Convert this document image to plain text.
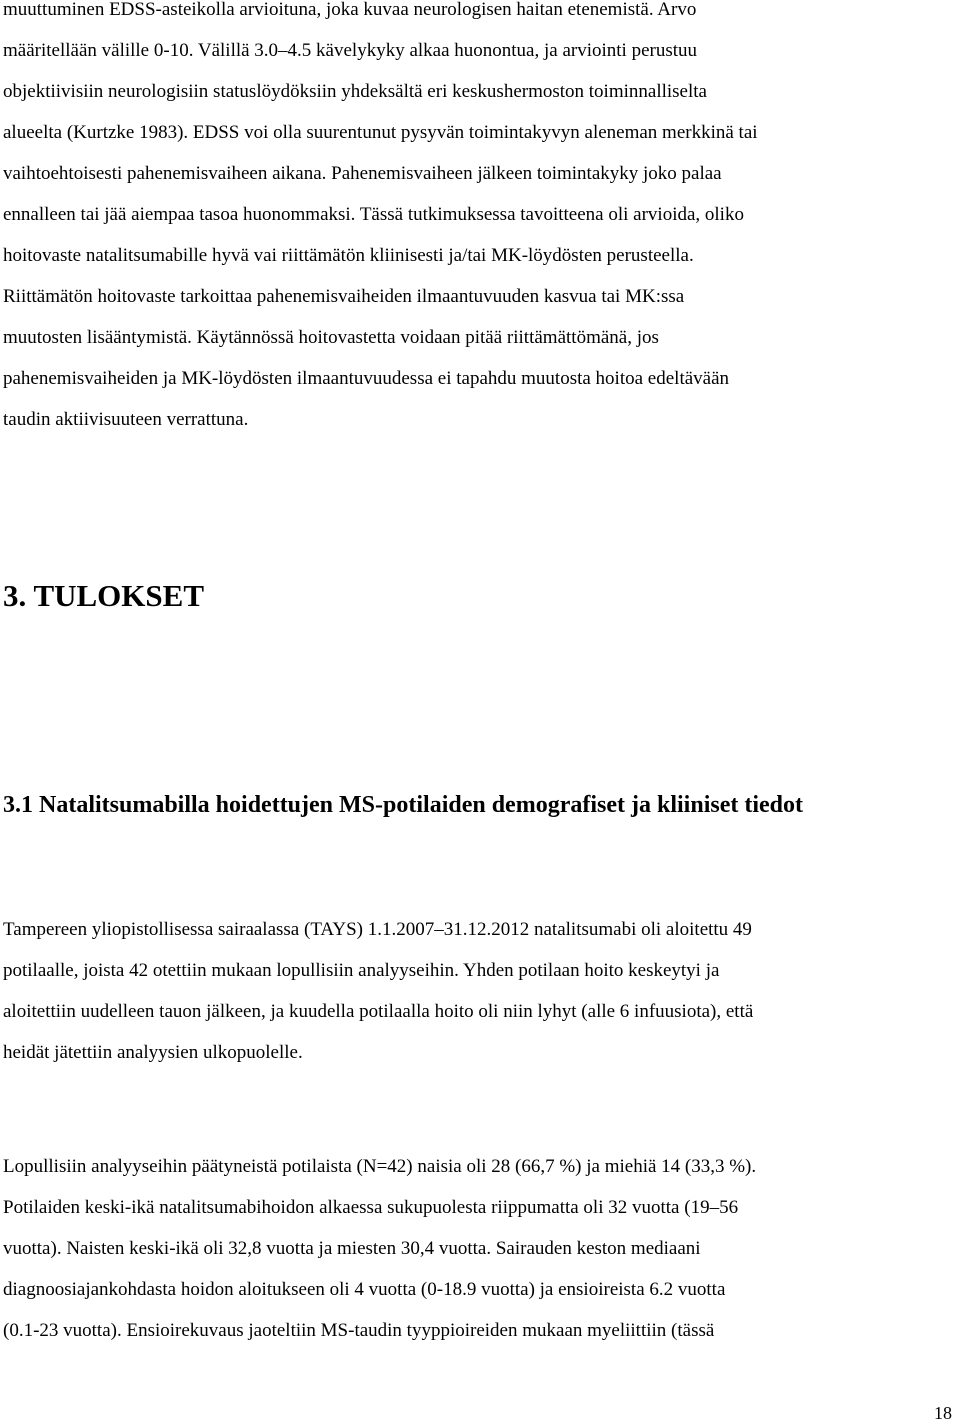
muuttuminen EDSS-asteikolla arvioituna, joka kuvaa neurologisen haitan etenemistä. Arvo

määritellään välille 0-10. Välillä 3.0–4.5 kävelykyky alkaa huonontua, ja arviointi perustuu

objektiivisiin neurologisiin statuslöydöksiin yhdeksältä eri keskushermoston toiminnalliselta

alueelta (Kurtzke 1983). EDSS voi olla suurentunut pysyvän toimintakyvyn aleneman merkkinä tai

vaihtoehtoisesti pahenemisvaiheen aikana. Pahenemisvaiheen jälkeen toimintakyky joko palaa

ennalleen tai jää aiempaa tasoa huonommaksi. Tässä tutkimuksessa tavoitteena oli arvioida, oliko

hoitovaste natalitsumabille hyvä vai riittämätön kliinisesti ja/tai MK-löydösten perusteella.

Riittämätön hoitovaste tarkoittaa pahenemisvaiheiden ilmaantuvuuden kasvua tai MK:ssa

muutosten lisääntymistä. Käytännössä hoitovastetta voidaan pitää riittämättömänä, jos

pahenemisvaiheiden ja MK-löydösten ilmaantuvuudessa ei tapahdu muutosta hoitoa edeltävään

taudin aktiivisuuteen verrattuna.

3. TULOKSET
3.1 Natalitsumabilla hoidettujen MS-potilaiden demografiset ja kliiniset tiedot

Tampereen yliopistollisessa sairaalassa (TAYS) 1.1.2007–31.12.2012 natalitsumabi oli aloitettu 49

potilaalle, joista 42 otettiin mukaan lopullisiin analyyseihin. Yhden potilaan hoito keskeytyi ja

aloitettiin uudelleen tauon jälkeen, ja kuudella potilaalla hoito oli niin lyhyt (alle 6 infuusiota), että

heidät jätettiin analyysien ulkopuolelle.

Lopullisiin analyyseihin päätyneistä potilaista (N=42) naisia oli 28 (66,7 %) ja miehiä 14 (33,3 %).

Potilaiden keski-ikä natalitsumabihoidon alkaessa sukupuolesta riippumatta oli 32 vuotta (19–56

vuotta). Naisten keski-ikä oli 32,8 vuotta ja miesten 30,4 vuotta. Sairauden keston mediaani

diagnoosiajankohdasta hoidon aloitukseen oli 4 vuotta (0-18.9 vuotta) ja ensioireista 6.2 vuotta

(0.1-23 vuotta). Ensioirekuvaus jaoteltiin MS-taudin tyyppioireiden mukaan myeliittiin (tässä

18
